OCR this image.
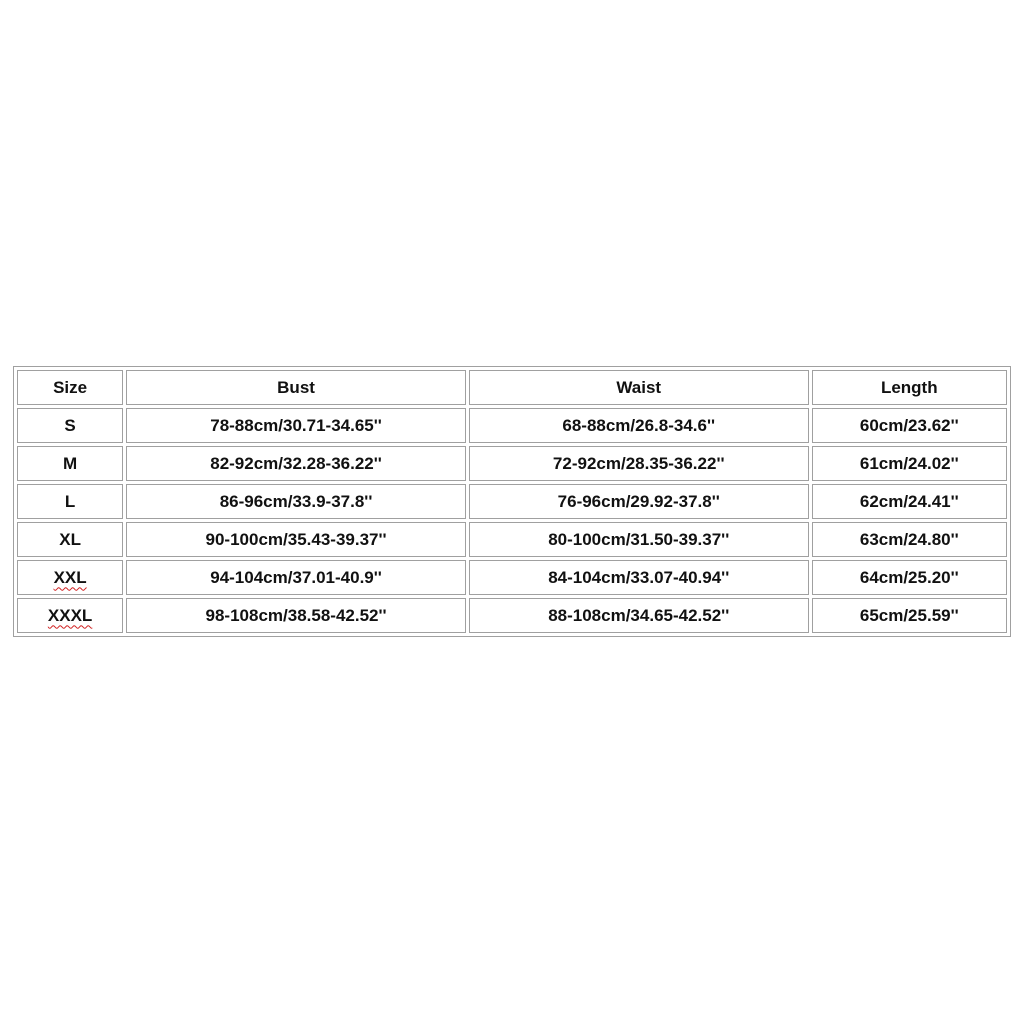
Size	Bust	Waist	Length
S	78-88cm/30.71-34.65''	68-88cm/26.8-34.6''	60cm/23.62''
M	82-92cm/32.28-36.22''	72-92cm/28.35-36.22''	61cm/24.02''
L	86-96cm/33.9-37.8''	76-96cm/29.92-37.8''	62cm/24.41''
XL	90-100cm/35.43-39.37''	80-100cm/31.50-39.37''	63cm/24.80''
XXL	94-104cm/37.01-40.9''	84-104cm/33.07-40.94''	64cm/25.20''
XXXL	98-108cm/38.58-42.52''	88-108cm/34.65-42.52''	65cm/25.59''
